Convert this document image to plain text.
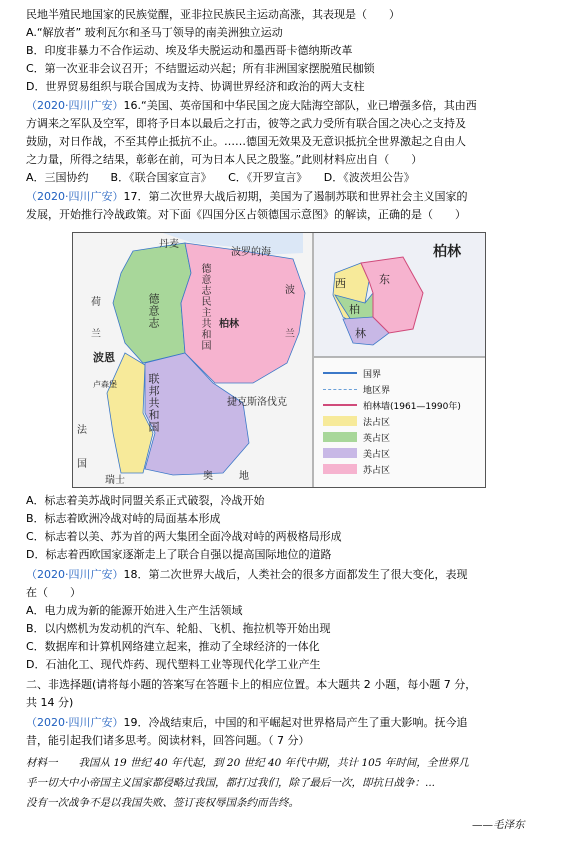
民地半殖民地国家的民族觉醒，亚非拉民族民主运动高涨，其表现是（　　）
A.“解放者” 玻利瓦尔和圣马丁领导的南美洲独立运动
B．印度非暴力不合作运动、埃及华夫脱运动和墨西哥卡德纳斯改革
C．第一次亚非会议召开；不结盟运动兴起；所有非洲国家摆脱殖民枷锁
D．世界贸易组织与联合国成为支持、协调世界经济和政治的两大支柱
（2020·四川广安）16.“美国、英帝国和中华民国之庞大陆海空部队，业已增强多倍，其由西
方调来之军队及空军，即将予日本以最后之打击，彼等之武力受所有联合国之决心之支持及
鼓励，对日作战，不至其停止抵抗不止。……德国无效果及无意识抵抗全世界激起之自由人
之力量，所得之结果，彰彰在前，可为日本人民之殷鉴。”此则材料应出自（　　）
A．三国协约　　B．《联合国家宣言》　　C．《开罗宣言》　　D．《波茨坦公告》
（2020·四川广安）17．第二次世界大战后初期，美国为了遏制苏联和世界社会主义国家的
发展，开始推行冷战政策。对下面《四国分区占领德国示意图》的解读，正确的是（　　）
丹麦
波罗的海
荷
兰
波恩
卢森堡
德意志
联邦共和国
德意志民主共和国 柏林
波
兰
捷克斯洛伐克
法
国
瑞士	奥	地
西	东
柏
林
柏林
国界
地区界
柏林墙(1961—1990年)
法占区
英占区
美占区
苏占区
A．标志着美苏战时同盟关系正式破裂，冷战开始
B．标志着欧洲冷战对峙的局面基本形成
C．标志着以美、苏为首的两大集团全面冷战对峙的两极格局形成
D．标志着西欧国家逐渐走上了联合自强以提高国际地位的道路
（2020·四川广安）18．第二次世界大战后，人类社会的很多方面都发生了很大变化，表现
在（　　）
A．电力成为新的能源开始进入生产生活领域
B．以内燃机为发动机的汽车、轮船、飞机、拖拉机等开始出现
C．数据库和计算机网络建立起来，推动了全球经济的一体化
D．石油化工、现代炸药、现代塑料工业等现代化学工业产生
二、非选择题(请将每小题的答案写在答题卡上的相应位置。本大题共 2 小题，每小题 7 分，
共 14 分)
（2020·四川广安）19．冷战结束后，中国的和平崛起对世界格局产生了重大影响。抚今追
昔，能引起我们诸多思考。阅读材料，回答问题。（ 7 分）
材料一　　我国从 19 世纪 40 年代起，到 20 世纪 40 年代中期，共计 105 年时间，全世界几
乎一切大中小帝国主义国家都侵略过我国，都打过我们，除了最后一次，即抗日战争：...
没有一次战争不是以我国失败、签订丧权辱国条约而告终。
——毛泽东
